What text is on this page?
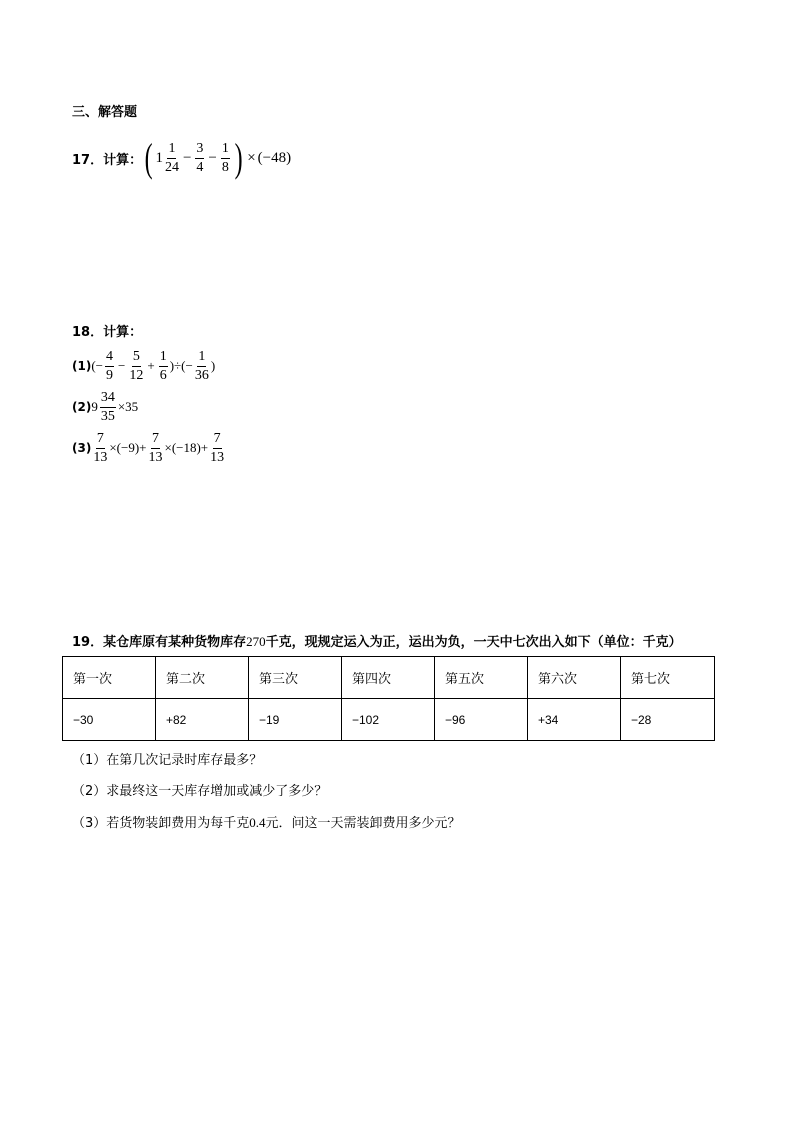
三、解答题
17． 计算： ( $1 \frac{1}{24} - \frac{3}{4} - \frac{1}{8}$ ) × ( −48 )
18．计算：
(1) (− $\frac{4}{9} - \frac{5}{12} + \frac{1}{6}$ )÷(− $\frac{1}{36}$ )
(2) $9 \frac{34}{35} \times 35$
$(3) \frac{7}{13} \times(-9)+ \frac{7}{13} \times(-18)+ \frac{7}{13}$
19．某仓库原有某种货物库存270千克，现规定运入为正，运出为负，一天中七次出入如下（单位：千克）
第一次	第二次	第三次	第四次	第五次	第六次	第七次
−30	+82	−19	−102	−96	+34	−28
（1）在第几次记录时库存最多？
（2）求最终这一天库存增加或减少了多少？
（3）若货物装卸费用为每千克0.4元．问这一天需装卸费用多少元？
